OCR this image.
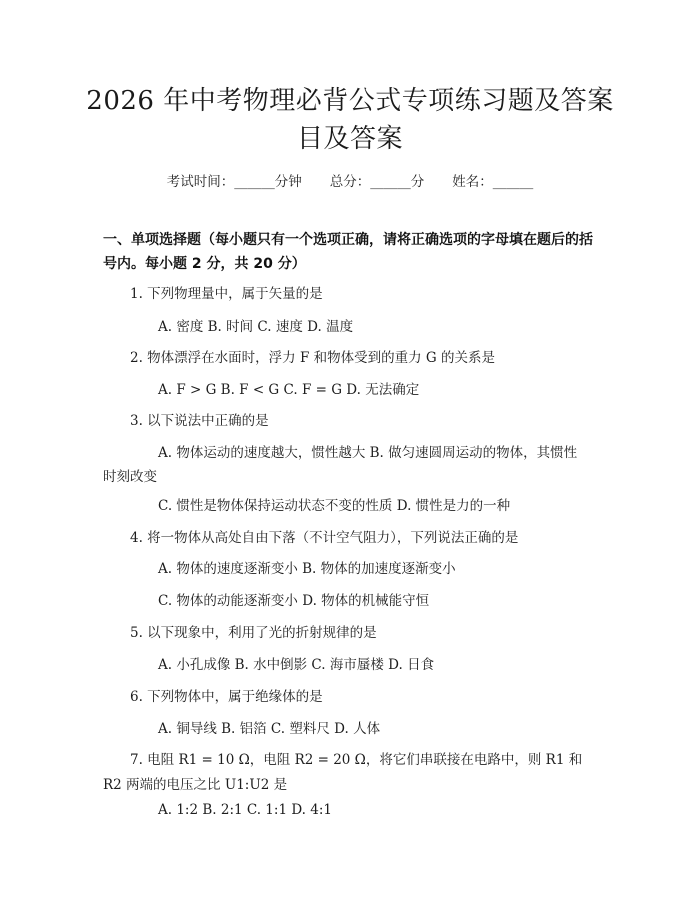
2026 年中考物理必背公式专项练习题及答案
目及答案
考试时间：______分钟 总分：______分 姓名：______
一、单项选择题（每小题只有一个选项正确，请将正确选项的字母填在题后的括
号内。每小题 2 分，共 20 分）
1. 下列物理量中，属于矢量的是
A. 密度 B. 时间 C. 速度 D. 温度
2. 物体漂浮在水面时，浮力 F 和物体受到的重力 G 的关系是
A. F > G B. F < G C. F = G D. 无法确定
3. 以下说法中正确的是
A. 物体运动的速度越大，惯性越大 B. 做匀速圆周运动的物体，其惯性
时刻改变
C. 惯性是物体保持运动状态不变的性质 D. 惯性是力的一种
4. 将一物体从高处自由下落（不计空气阻力），下列说法正确的是
A. 物体的速度逐渐变小 B. 物体的加速度逐渐变小
C. 物体的动能逐渐变小 D. 物体的机械能守恒
5. 以下现象中，利用了光的折射规律的是
A. 小孔成像 B. 水中倒影 C. 海市蜃楼 D. 日食
6. 下列物体中，属于绝缘体的是
A. 铜导线 B. 铝箔 C. 塑料尺 D. 人体
7. 电阻 R1 = 10 Ω，电阻 R2 = 20 Ω，将它们串联接在电路中，则 R1 和
R2 两端的电压之比 U1:U2 是
A. 1:2 B. 2:1 C. 1:1 D. 4:1
